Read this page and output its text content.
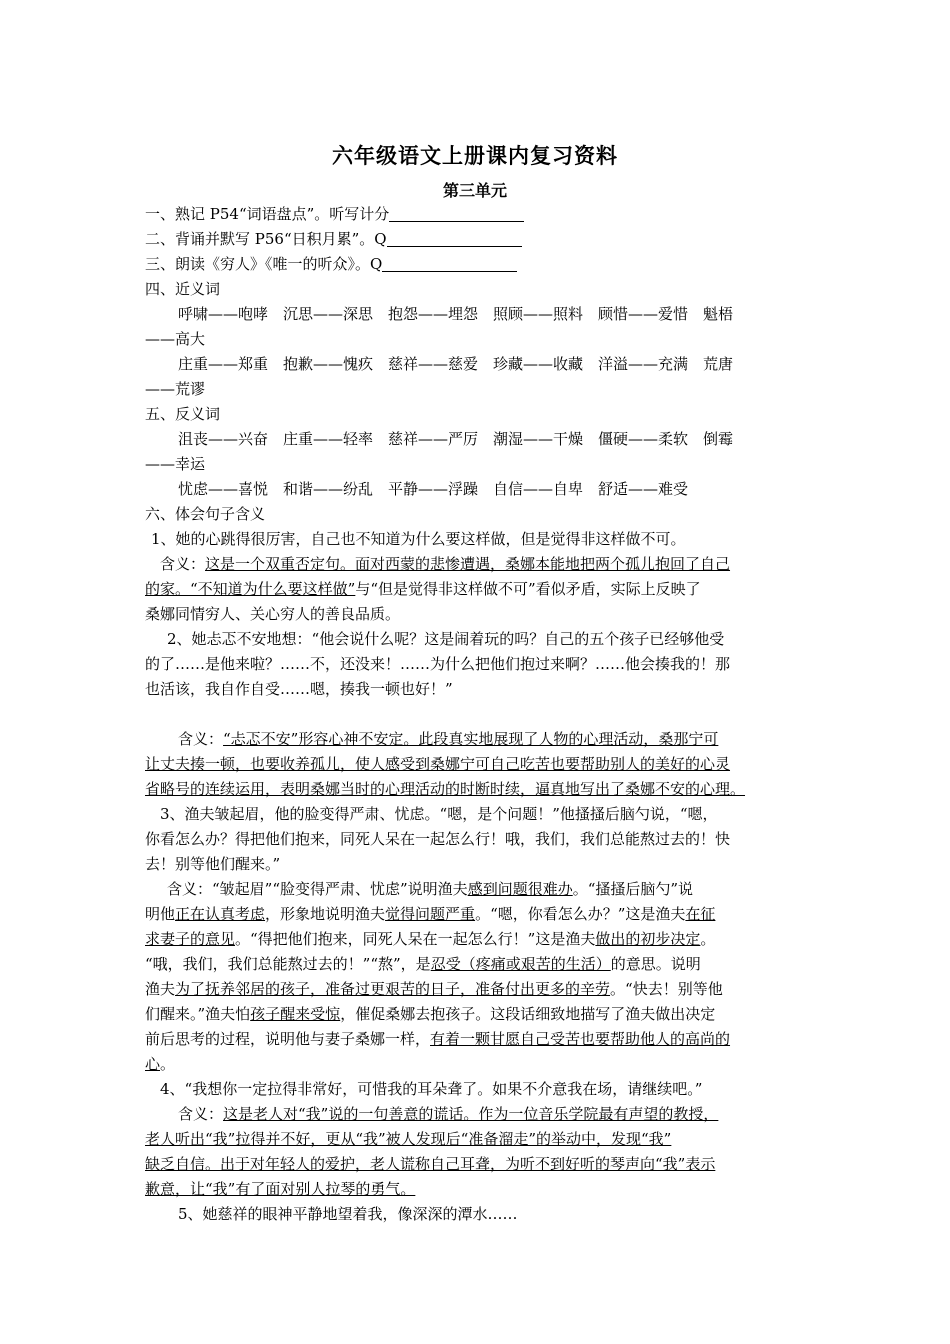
六年级语文上册课内复习资料
第三单元
一、熟记 P54“词语盘点”。听写计分
二、背诵并默写 P56“日积月累”。Q
三、朗读《穷人》《唯一的听众》。Q
四、近义词
呼啸——咆哮　沉思——深思　抱怨——埋怨　照顾——照料　顾惜——爱惜　魁梧
——高大
庄重——郑重　抱歉——愧疚　慈祥——慈爱　珍藏——收藏　洋溢——充满　荒唐
——荒谬
五、反义词
沮丧——兴奋　庄重——轻率　慈祥——严厉　潮湿——干燥　僵硬——柔软　倒霉
——幸运
忧虑——喜悦　和谐——纷乱　平静——浮躁　自信——自卑　舒适——难受
六、体会句子含义
1、她的心跳得很厉害，自己也不知道为什么要这样做，但是觉得非这样做不可。
含义：这是一个双重否定句。面对西蒙的悲惨遭遇，桑娜本能地把两个孤儿抱回了自己
的家。“不知道为什么要这样做”与“但是觉得非这样做不可”看似矛盾，实际上反映了
桑娜同情穷人、关心穷人的善良品质。
2、她忐忑不安地想：“他会说什么呢？这是闹着玩的吗？自己的五个孩子已经够他受
的了……是他来啦？……不，还没来！……为什么把他们抱过来啊？……他会揍我的！那
也活该，我自作自受……嗯，揍我一顿也好！”
含义：“忐忑不安”形容心神不安定。此段真实地展现了人物的心理活动，桑那宁可
让丈夫揍一顿，也要收养孤儿，使人感受到桑娜宁可自己吃苦也要帮助别人的美好的心灵
省略号的连续运用，表明桑娜当时的心理活动的时断时续，逼真地写出了桑娜不安的心理。
3、渔夫皱起眉，他的脸变得严肃、忧虑。“嗯，是个问题！”他搔搔后脑勺说，“嗯，
你看怎么办？得把他们抱来，同死人呆在一起怎么行！哦，我们，我们总能熬过去的！快
去！别等他们醒来。”
含义：“皱起眉”“脸变得严肃、忧虑”说明渔夫感到问题很难办。“搔搔后脑勺”说
明他正在认真考虑，形象地说明渔夫觉得问题严重。“嗯，你看怎么办？”这是渔夫在征
求妻子的意见。“得把他们抱来，同死人呆在一起怎么行！”这是渔夫做出的初步决定。
“哦，我们，我们总能熬过去的！”“熬”，是忍受（疼痛或艰苦的生活）的意思。说明
渔夫为了抚养邻居的孩子，准备过更艰苦的日子，准备付出更多的辛劳。“快去！别等他
们醒来。”渔夫怕孩子醒来受惊，催促桑娜去抱孩子。这段话细致地描写了渔夫做出决定
前后思考的过程，说明他与妻子桑娜一样，有着一颗甘愿自己受苦也要帮助他人的高尚的
心。
4、“我想你一定拉得非常好，可惜我的耳朵聋了。如果不介意我在场，请继续吧。”
含义：这是老人对“我”说的一句善意的谎话。作为一位音乐学院最有声望的教授，
老人听出“我”拉得并不好，更从“我”被人发现后“准备溜走”的举动中，发现“我”
缺乏自信。出于对年轻人的爱护，老人谎称自己耳聋，为听不到好听的琴声向“我”表示
歉意，让“我”有了面对别人拉琴的勇气。
5、她慈祥的眼神平静地望着我，像深深的潭水……
